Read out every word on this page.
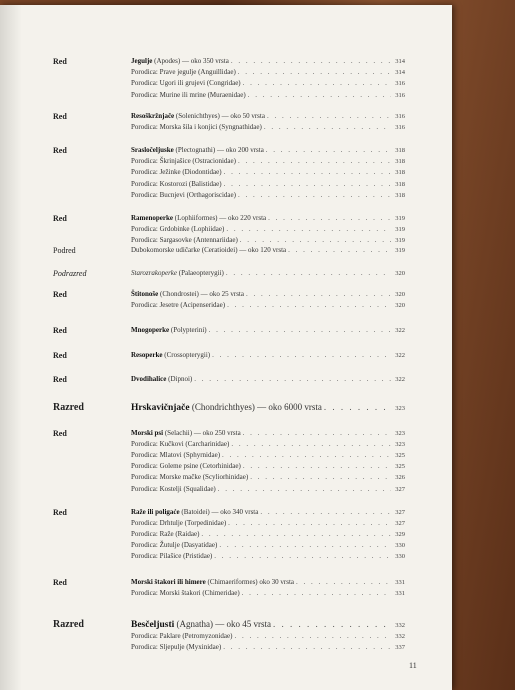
Red	Jegulje (Apodes) — oko 350 vrsta . . .	314
Porodica: Prave jegulje (Anguillidae) . . .	314
Porodica: Ugori ili grujevi (Congridae) . . .	316
Porodica: Murine ili mrine (Muraenidae) . . .	316
Red	Resoškržnjače (Solenichthyes) — oko 50 vrsta . . .	316
Porodica: Morska šila i konjici (Syngnathidae) . . .	316
Red	Srasločeljuske (Plectognathi) — oko 200 vrsta . . .	318
Porodica: Škrinjašice (Ostracionidae) . . .	318
Porodica: Ježinke (Diodontidae) . . .	318
Porodica: Kostorozi (Balistidae) . . .	318
Porodica: Bucnjevi (Orthagoriscidae) . . .	318
Red	Ramenoperke (Lophiiformes) — oko 220 vrsta . . .	319
Porodica: Grdobinke (Lophiidae) . . .	319
Porodica: Sargasovke (Antennariidae) . . .	319
Podred	Dubokomorske udičarke (Ceratioidei) — oko 120 vrsta . . .	319
Podrazred	Starozrakoperke (Palaeopterygii) . . .	320
Red	Štitonoše (Chondrostei) — oko 25 vrsta . . .	320
Porodica: Jesetre (Acipenseridae) . . .	320
Red	Mnogoperke (Polypterini) . . .	322
Red	Resoperke (Crossopterygii) . . .	322
Red	Dvodihalice (Dipnoi) . . .	322
Razred	Hrskavičnjače (Chondrichthyes) — oko 6000 vrsta . . .	323
Red	Morski psi (Selachii) — oko 250 vrsta . . .	323
Porodica: Kučkovi (Carcharinidae) . . .	323
Porodica: Mlatovi (Sphyrnidae) . . .	325
Porodica: Goleme psine (Cetorhinidae) . . .	325
Porodica: Morske mačke (Scyliorhinidae) . . .	326
Porodica: Kostelji (Squalidae) . . .	327
Red	Raže ili poligaće (Batoidei) — oko 340 vrsta . . .	327
Porodica: Drhtulje (Torpedinidae) . . .	327
Porodica: Raže (Raidae) . . .	329
Porodica: Žutulje (Dasyatidae) . . .	330
Porodica: Pilašice (Pristidae) . . .	330
Red	Morski štakori ili himere (Chimaeriformes) oko 30 vrsta . . .	331
Porodica: Morski štakori (Chimeridae) . . .	331
Razred	Besčeljusti (Agnatha) — oko 45 vrsta . . .	332
Porodica: Paklare (Petromyzonidae) . . .	332
Porodica: Sljepulje (Myxinidae) . . .	337
11
